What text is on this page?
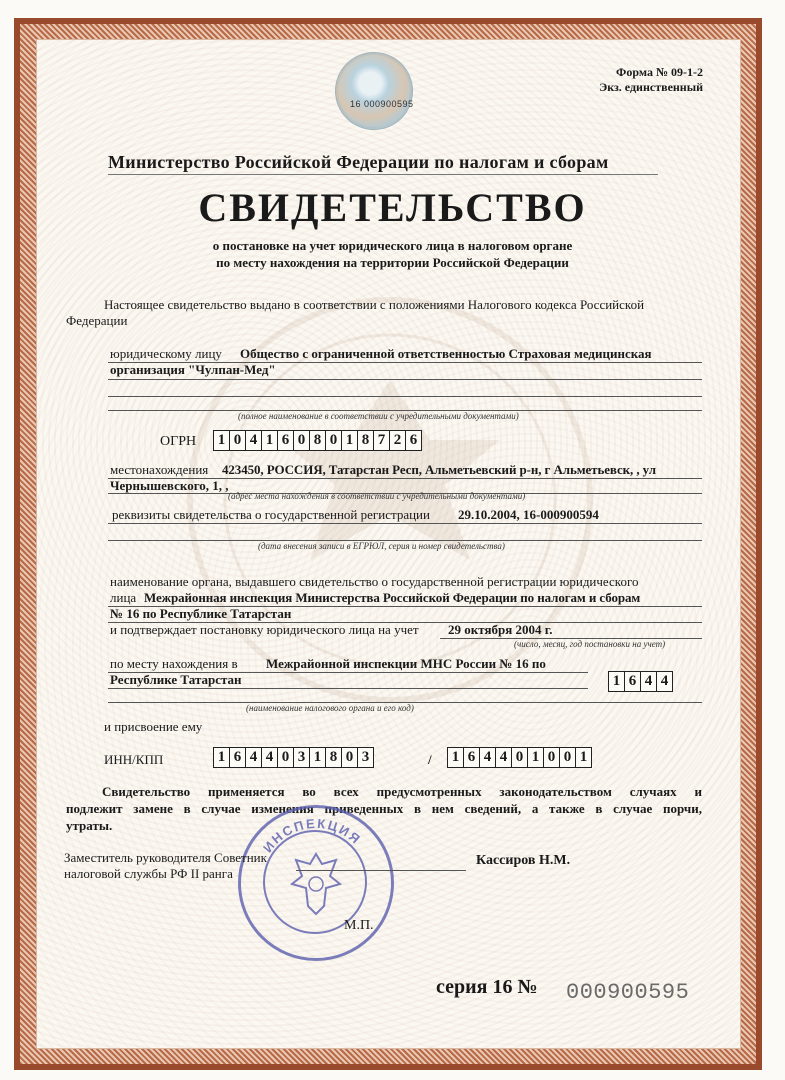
16 000900595
Форма № 09-1-2
Экз. единственный
Министерство Российской Федерации по налогам и сборам
СВИДЕТЕЛЬСТВО
о постановке на учет юридического лица в налоговом органе
по месту нахождения на территории Российской Федерации
Настоящее свидетельство выдано в соответствии с положениями Налогового кодекса Российской
Федерации
юридическому лицу Общество с ограниченной ответственностью Страховая медицинская
организация "Чулпан-Мед"
(полное наименование в соответствии с учредительными документами)
ОГРН	1 0 4 1 6 0 8 0 1 8 7 2 6
местонахождения 423450, РОССИЯ, Татарстан Респ, Альметьевский р-н, г Альметьевск, , ул
Чернышевского, 1, ,
(адрес места нахождения в соответствии с учредительными документами)
реквизиты свидетельства о государственной регистрации 29.10.2004, 16-000900594
(дата внесения записи в ЕГРЮЛ, серия и номер свидетельства)
наименование органа, выдавшего свидетельство о государственной регистрации юридического
лица Межрайонная инспекция Министерства Российской Федерации по налогам и сборам
№ 16 по Республике Татарстан
и подтверждает постановку юридического лица на учет 29 октября 2004 г.
(число, месяц, год постановки на учет)
по месту нахождения в Межрайонной инспекции МНС России № 16 по
Республике Татарстан	1 6 4 4
(наименование налогового органа и его код)
и присвоение ему
ИНН/КПП	1 6 4 4 0 3 1 8 0 3	/	1 6 4 4 0 1 0 0 1
Свидетельство применяется во всех предусмотренных законодательством случаях и
подлежит замене в случае изменения приведенных в нем сведений, а также в случае порчи,
утраты.
ИНСПЕКЦИЯ
Заместитель руководителя Советник
налоговой службы РФ II ранга
Кассиров Н.М.
М.П.
серия 16 № 000900595
